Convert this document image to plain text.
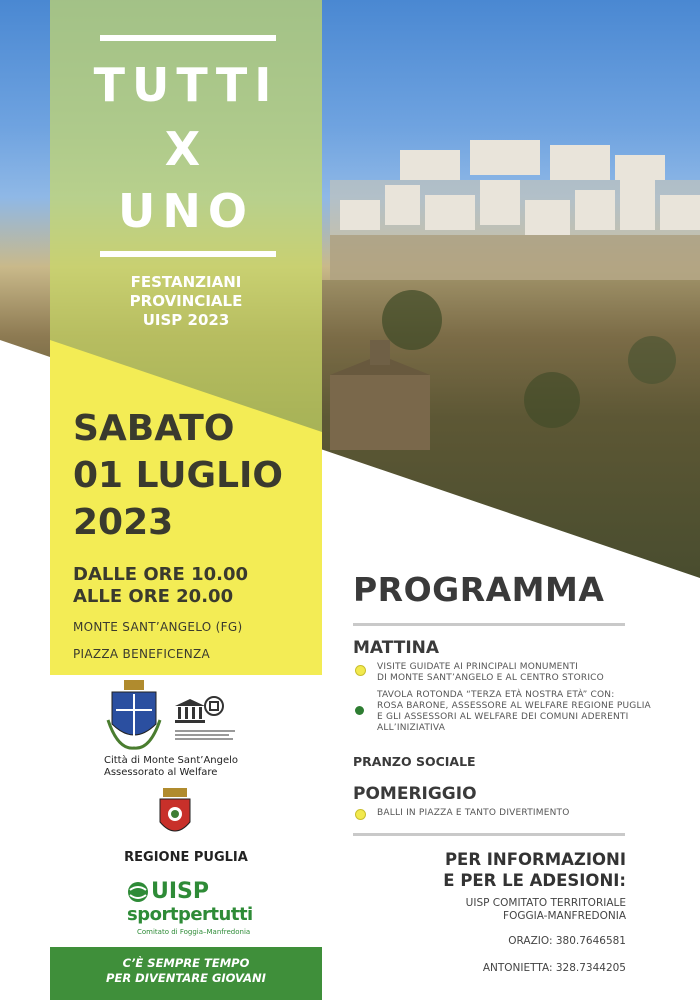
TUTTI
X
UNO
FESTANZIANI
PROVINCIALE
UISP 2023
SABATO
01 LUGLIO
2023
DALLE ORE 10.00
ALLE ORE 20.00
MONTE SANT’ANGELO (FG)
PIAZZA BENEFICENZA
Città di Monte Sant’Angelo
Assessorato al Welfare
REGIONE PUGLIA
UISP
sportpertutti
Comitato di Foggia–Manfredonia
C’È SEMPRE TEMPO
PER DIVENTARE GIOVANI
PROGRAMMA
MATTINA
VISITE GUIDATE AI PRINCIPALI MONUMENTI
DI MONTE SANT’ANGELO E AL CENTRO STORICO
TAVOLA ROTONDA “TERZA ETÀ NOSTRA ETÀ” CON:
ROSA BARONE, ASSESSORE AL WELFARE REGIONE PUGLIA
E GLI ASSESSORI AL WELFARE DEI COMUNI ADERENTI
ALL’INIZIATIVA
PRANZO SOCIALE
POMERIGGIO
BALLI IN PIAZZA E TANTO DIVERTIMENTO
PER INFORMAZIONI
E PER LE ADESIONI:
UISP COMITATO TERRITORIALE
FOGGIA-MANFREDONIA
ORAZIO: 380.7646581
ANTONIETTA: 328.7344205
